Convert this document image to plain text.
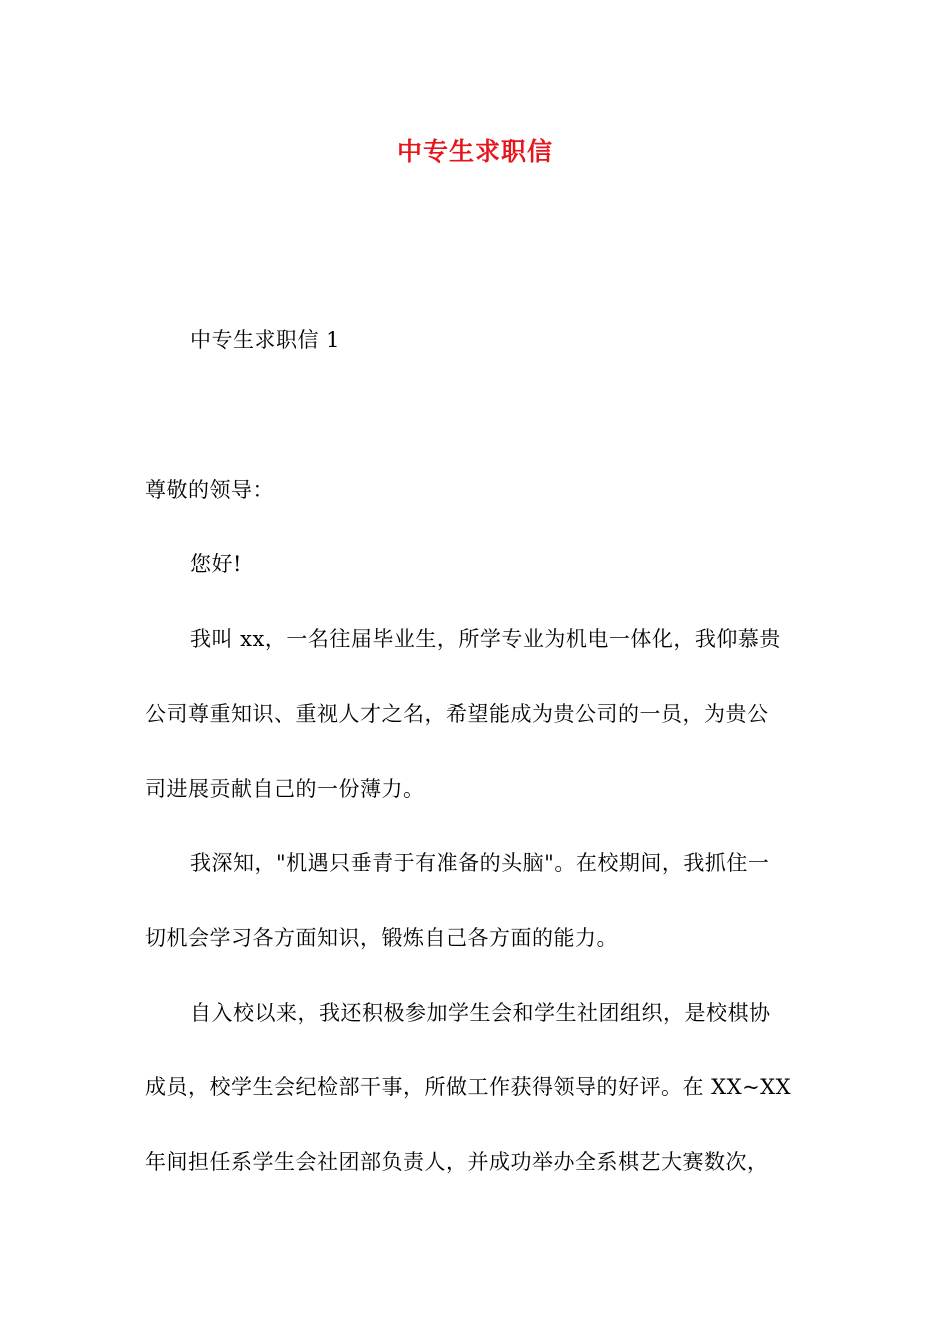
中专生求职信
中专生求职信 1
尊敬的领导：
您好!
我叫 xx，一名往届毕业生，所学专业为机电一体化，我仰慕贵
公司尊重知识、重视人才之名，希望能成为贵公司的一员，为贵公
司进展贡献自己的一份薄力。
我深知，"机遇只垂青于有准备的头脑"。在校期间，我抓住一
切机会学习各方面知识，锻炼自己各方面的能力。
自入校以来，我还积极参加学生会和学生社团组织，是校棋协
成员，校学生会纪检部干事，所做工作获得领导的好评。在 XX~XX
年间担任系学生会社团部负责人，并成功举办全系棋艺大赛数次，
